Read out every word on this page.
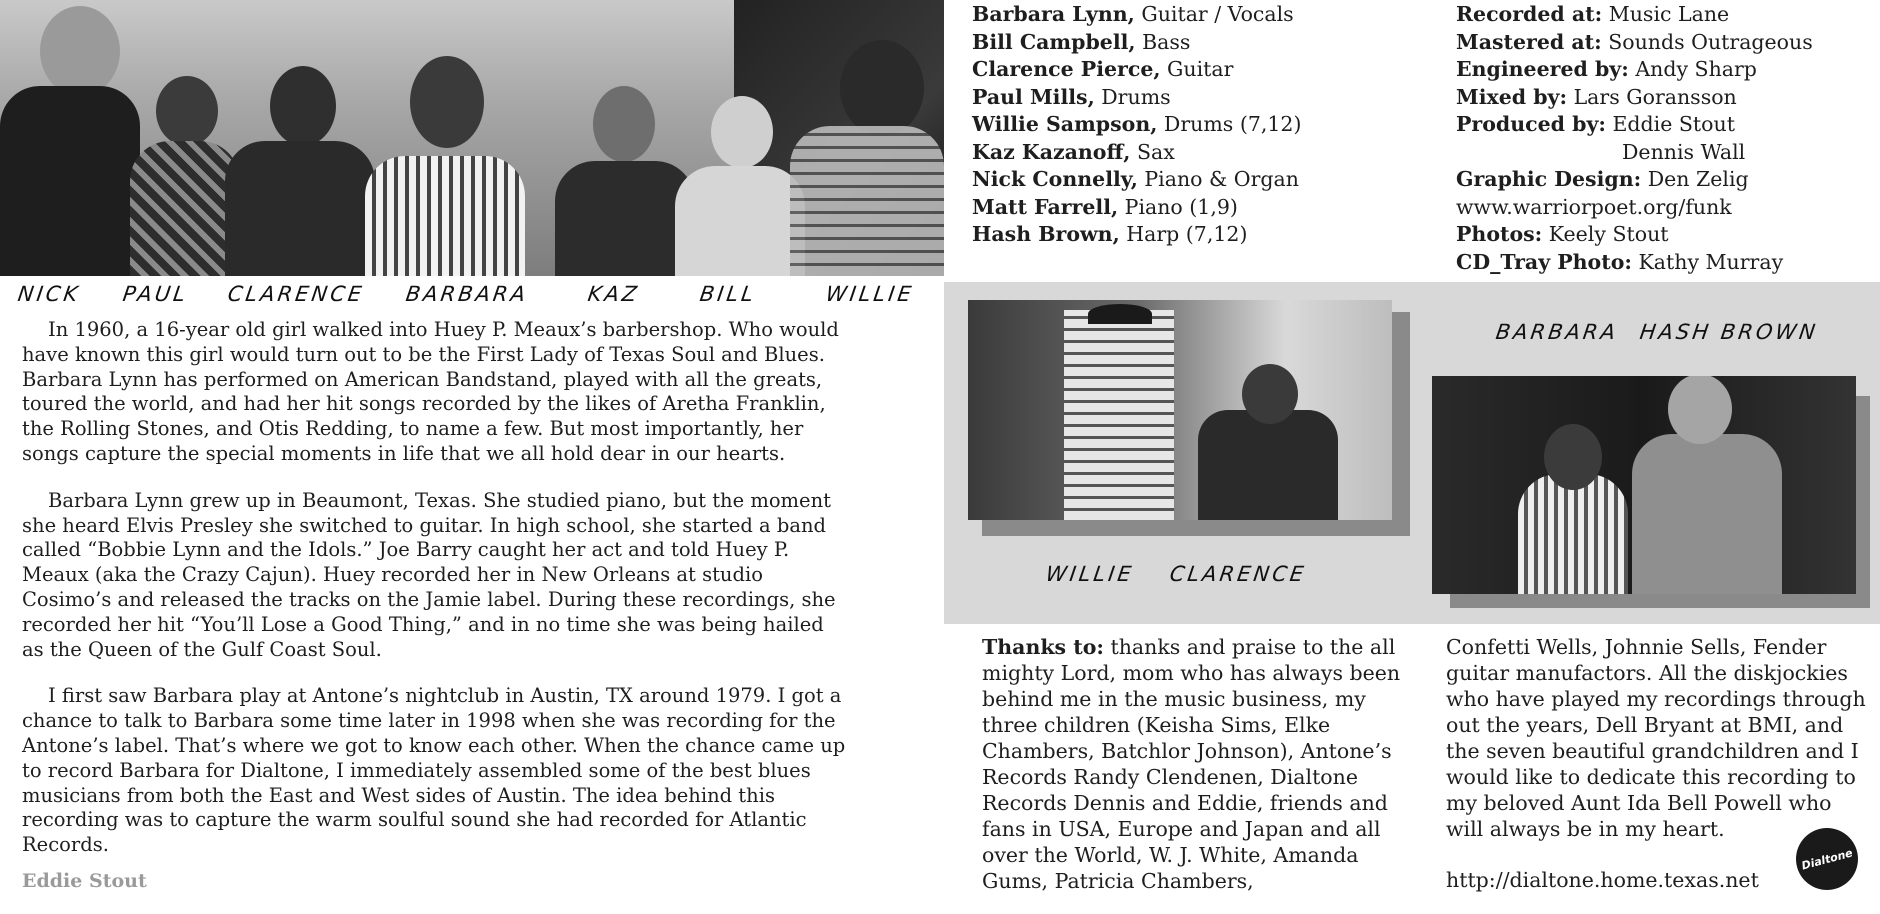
NICK PAUL CLARENCE BARBARA	KAZ	BILL	WILLIE
In 1960, a 16-year old girl walked into Huey P. Meaux’s barbershop. Who would
have known this girl would turn out to be the First Lady of Texas Soul and Blues.
Barbara Lynn has performed on American Bandstand, played with all the greats,
toured the world, and had her hit songs recorded by the likes of Aretha Franklin,
the Rolling Stones, and Otis Redding, to name a few. But most importantly, her
songs capture the special moments in life that we all hold dear in our hearts.
Barbara Lynn grew up in Beaumont, Texas. She studied piano, but the moment
she heard Elvis Presley she switched to guitar. In high school, she started a band
called “Bobbie Lynn and the Idols.” Joe Barry caught her act and told Huey P.
Meaux (aka the Crazy Cajun). Huey recorded her in New Orleans at studio
Cosimo’s and released the tracks on the Jamie label. During these recordings, she
recorded her hit “You’ll Lose a Good Thing,” and in no time she was being hailed
as the Queen of the Gulf Coast Soul.
I first saw Barbara play at Antone’s nightclub in Austin, TX around 1979. I got a
chance to talk to Barbara some time later in 1998 when she was recording for the
Antone’s label. That’s where we got to know each other. When the chance came up
to record Barbara for Dialtone, I immediately assembled some of the best blues
musicians from both the East and West sides of Austin. The idea behind this
recording was to capture the warm soulful sound she had recorded for Atlantic
Records.
Eddie Stout
Barbara Lynn, Guitar / Vocals
Bill Campbell, Bass
Clarence Pierce, Guitar
Paul Mills, Drums
Willie Sampson, Drums (7,12)
Kaz Kazanoff, Sax
Nick Connelly, Piano & Organ
Matt Farrell, Piano (1,9)
Hash Brown, Harp (7,12)
Recorded at: Music Lane
Mastered at: Sounds Outrageous
Engineered by: Andy Sharp
Mixed by: Lars Goransson
Produced by: Eddie Stout
Dennis Wall
Graphic Design: Den Zelig
www.warriorpoet.org/funk
Photos: Keely Stout
CD_Tray Photo: Kathy Murray
WILLIE CLARENCE
BARBARA HASH BROWN
Thanks to: thanks and praise to the all
mighty Lord, mom who has always been
behind me in the music business, my
three children (Keisha Sims, Elke
Chambers, Batchlor Johnson), Antone’s
Records Randy Clendenen, Dialtone
Records Dennis and Eddie, friends and
fans in USA, Europe and Japan and all
over the World, W. J. White, Amanda
Gums, Patricia Chambers,
Confetti Wells, Johnnie Sells, Fender
guitar manufactors. All the diskjockies
who have played my recordings through
out the years, Dell Bryant at BMI, and
the seven beautiful grandchildren and I
would like to dedicate this recording to
my beloved Aunt Ida Bell Powell who
will always be in my heart.
http://dialtone.home.texas.net
Dialtone
